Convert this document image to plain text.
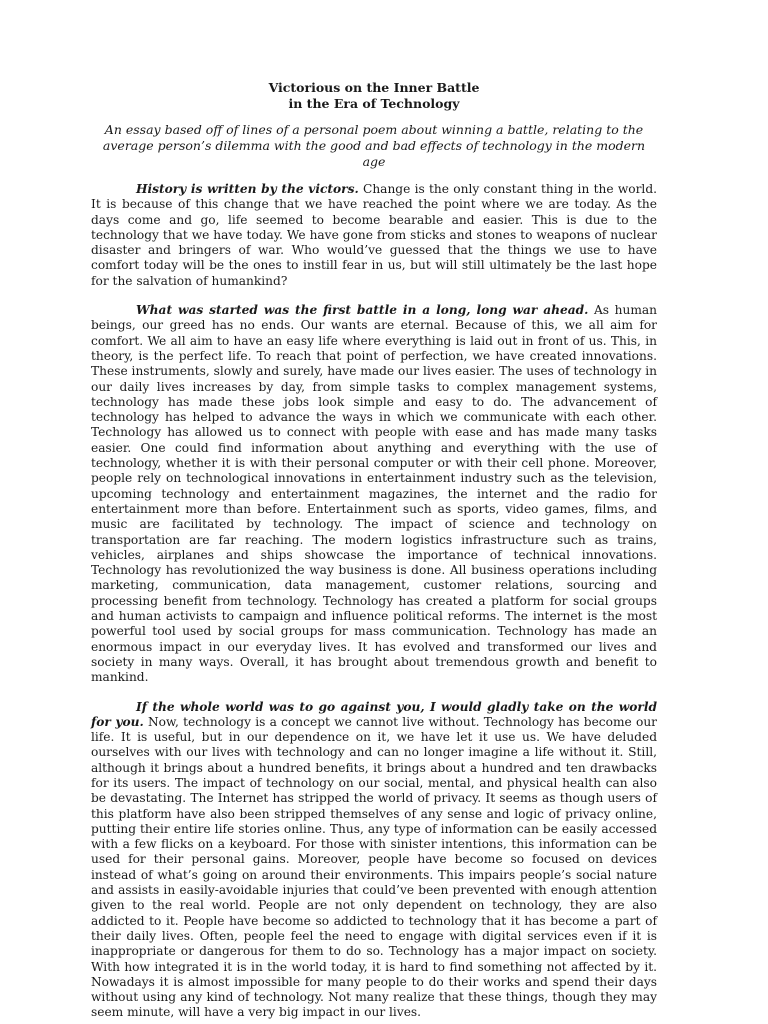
Victorious on the Inner Battle
in the Era of Technology

An essay based off of lines of a personal poem about winning a battle, relating to the average person’s dilemma with the good and bad effects of technology in the modern age

History is written by the victors. Change is the only constant thing in the world. It is because of this change that we have reached the point where we are today. As the days come and go, life seemed to become bearable and easier. This is due to the technology that we have today. We have gone from sticks and stones to weapons of nuclear disaster and bringers of war. Who would’ve guessed that the things we use to have comfort today will be the ones to instill fear in us, but will still ultimately be the last hope for the salvation of humankind?

What was started was the first battle in a long, long war ahead. As human beings, our greed has no ends. Our wants are eternal. Because of this, we all aim for comfort. We all aim to have an easy life where everything is laid out in front of us. This, in theory, is the perfect life. To reach that point of perfection, we have created innovations. These instruments, slowly and surely, have made our lives easier. The uses of technology in our daily lives increases by day, from simple tasks to complex management systems, technology has made these jobs look simple and easy to do. The advancement of technology has helped to advance the ways in which we communicate with each other. Technology has allowed us to connect with people with ease and has made many tasks easier. One could find information about anything and everything with the use of technology, whether it is with their personal computer or with their cell phone. Moreover, people rely on technological innovations in entertainment industry such as the television, upcoming technology and entertainment magazines, the internet and the radio for entertainment more than before. Entertainment such as sports, video games, films, and music are facilitated by technology. The impact of science and technology on transportation are far reaching. The modern logistics infrastructure such as trains, vehicles, airplanes and ships showcase the importance of technical innovations. Technology has revolutionized the way business is done. All business operations including marketing, communication, data management, customer relations, sourcing and processing benefit from technology. Technology has created a platform for social groups and human activists to campaign and influence political reforms. The internet is the most powerful tool used by social groups for mass communication. Technology has made an enormous impact in our everyday lives. It has evolved and transformed our lives and society in many ways. Overall, it has brought about tremendous growth and benefit to mankind.

If the whole world was to go against you, I would gladly take on the world for you. Now, technology is a concept we cannot live without. Technology has become our life. It is useful, but in our dependence on it, we have let it use us. We have deluded ourselves with our lives with technology and can no longer imagine a life without it. Still, although it brings about a hundred benefits, it brings about a hundred and ten drawbacks for its users. The impact of technology on our social, mental, and physical health can also be devastating. The Internet has stripped the world of privacy. It seems as though users of this platform have also been stripped themselves of any sense and logic of privacy online, putting their entire life stories online. Thus, any type of information can be easily accessed with a few flicks on a keyboard. For those with sinister intentions, this information can be used for their personal gains. Moreover, people have become so focused on devices instead of what’s going on around their environments. This impairs people’s social nature and assists in easily-avoidable injuries that could’ve been prevented with enough attention given to the real world. People are not only dependent on technology, they are also addicted to it. People have become so addicted to technology that it has become a part of their daily lives. Often, people feel the need to engage with digital services even if it is inappropriate or dangerous for them to do so. Technology has a major impact on society. With how integrated it is in the world today, it is hard to find something not affected by it. Nowadays it is almost impossible for many people to do their works and spend their days without using any kind of technology. Not many realize that these things, though they may seem minute, will have a very big impact in our lives.
